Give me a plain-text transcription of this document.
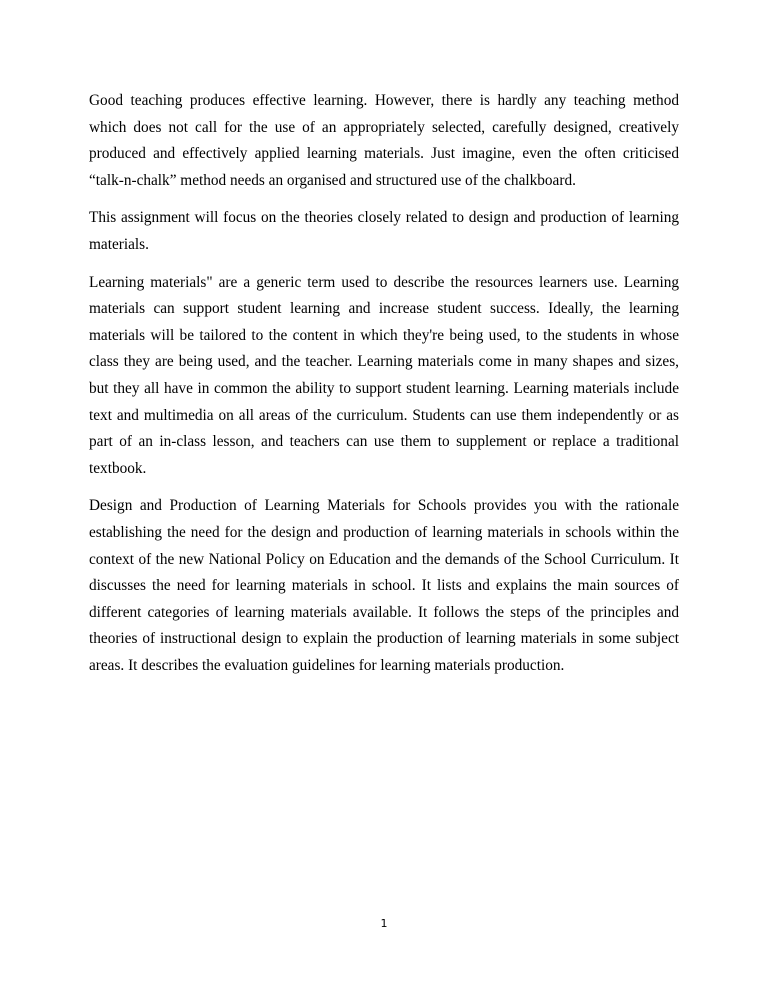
Good teaching produces effective learning. However, there is hardly any teaching method which does not call for the use of an appropriately selected, carefully designed, creatively produced and effectively applied learning materials. Just imagine, even the often criticised “talk-n-chalk” method needs an organised and structured use of the chalkboard.

This assignment will focus on the theories closely related to design and production of learning materials.

Learning materials" are a generic term used to describe the resources learners use. Learning materials can support student learning and increase student success. Ideally, the learning materials will be tailored to the content in which they're being used, to the students in whose class they are being used, and the teacher. Learning materials come in many shapes and sizes, but they all have in common the ability to support student learning. Learning materials include text and multimedia on all areas of the curriculum. Students can use them independently or as part of an in-class lesson, and teachers can use them to supplement or replace a traditional textbook.

Design and Production of Learning Materials for Schools provides you with the rationale establishing the need for the design and production of learning materials in schools within the context of the new National Policy on Education and the demands of the School Curriculum. It discusses the need for learning materials in school. It lists and explains the main sources of different categories of learning materials available. It follows the steps of the principles and theories of instructional design to explain the production of learning materials in some subject areas. It describes the evaluation guidelines for learning materials production.

1
